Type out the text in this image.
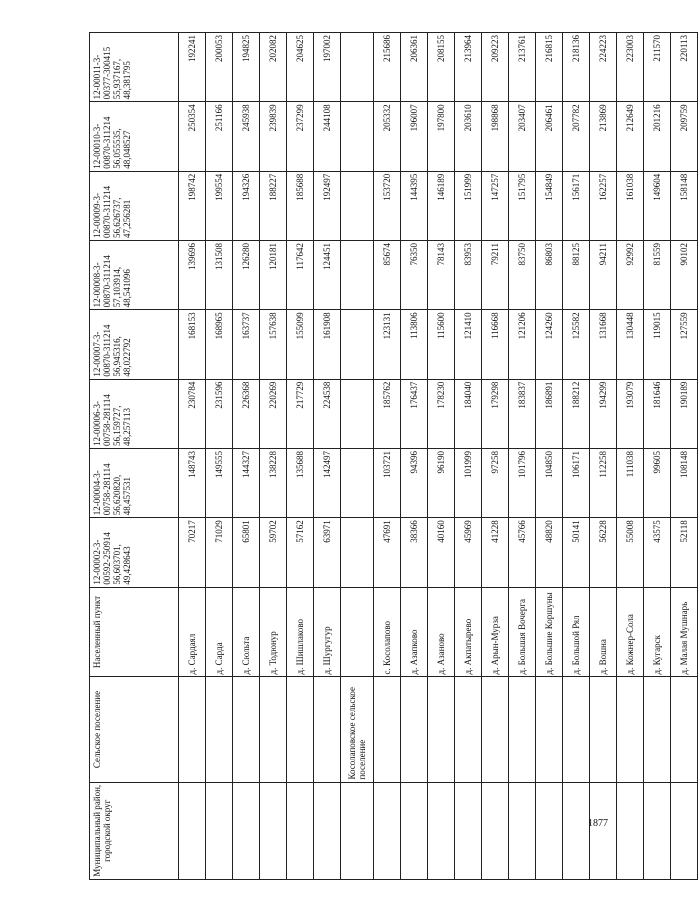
1877
Муниципальный район, городской округ	Сельское поселение	Населенный пункт	12-00002-3-00592-250914 56,603701, 49,428643	12-00004-3-00758-281114 56,620820, 48,457531	12-00006-3-00758-281114 56,159727, 48,257113	12-00007-3-00870-311214 56,945316, 48,022792	12-00008-3-00870-311214 57,103914, 48,541096	12-00009-3-00870-311214 56,626737, 47,256281	12-00010-3-00870-311214 56,055535, 48,048527	12-00011-3-00377-300415 55,937167, 48,381795
		д. Сардаял	70217	148743	230784	168153	139696	198742	250354	192241
		д. Сарда	71029	149555	231596	168965	131508	199554	251166	200053
		д. Сюльта	65801	144327	226368	163737	126280	194326	245938	194825
		д. Тодюнур	59702	138228	220269	157638	120181	188227	239839	202082
		д. Шишлаково	57162	135688	217729	155099	117642	185688	237299	204625
		д. Шургугур	63971	142497	224538	161908	124451	192497	244108	197002
	Косолаповское сельское поселение									
		с. Косолапово	47691	103721	185762	123131	85674	153720	205332	215686
		д. Азапково	38366	94396	176437	113806	76350	144395	196007	206361
		д. Азаново	40160	96190	178230	115600	78143	146189	197800	208155
		д. Акпатырево	45969	101999	184040	121410	83953	151999	203610	213964
		д. Арын-Мурза	41228	97258	179298	116668	79211	147257	198868	209223
		д. Большая Вочерга	45766	101796	183837	121206	83750	151795	203407	213761
		д. Большие Коршуны	48820	104850	186891	124260	86803	154849	206461	216815
		д. Большой Рял	50141	106171	188212	125582	88125	156171	207782	218136
		д. Вошна	56228	112258	194299	131668	94211	162257	213869	224223
		д. Кожнер-Сола	55008	111038	193079	130448	92992	161038	212649	223003
		д. Кугарск	43575	99605	181646	119015	81559	149604	201216	211570
		д. Малая Мушнарь	52118	108148	190189	127559	90102	158148	209759	220113
